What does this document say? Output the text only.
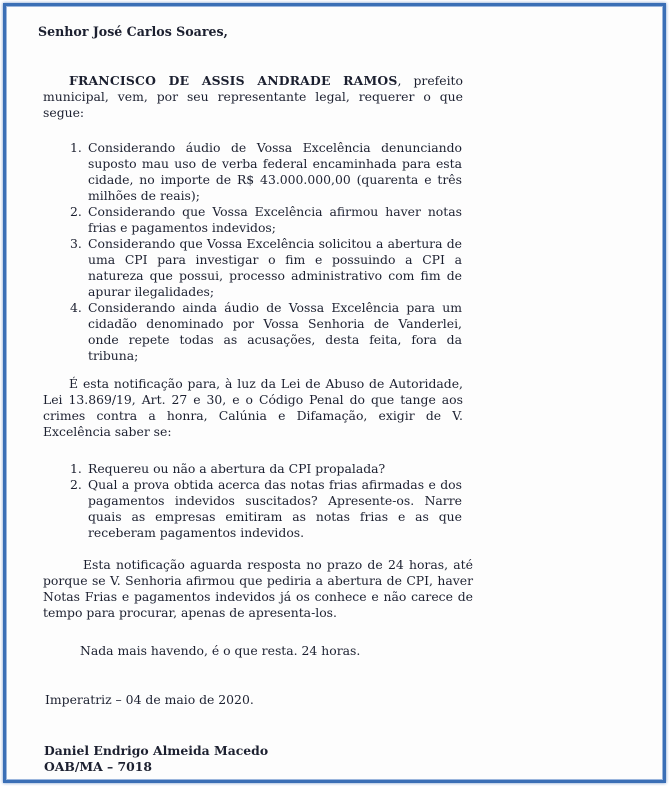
Senhor José Carlos Soares,

FRANCISCO DE ASSIS ANDRADE RAMOS, prefeito municipal, vem, por seu representante legal, requerer o que segue:

1. Considerando áudio de Vossa Excelência denunciando suposto mau uso de verba federal encaminhada para esta cidade, no importe de R$ 43.000.000,00 (quarenta e três milhões de reais);
2. Considerando que Vossa Excelência afirmou haver notas frias e pagamentos indevidos;
3. Considerando que Vossa Excelência solicitou a abertura de uma CPI para investigar o fim e possuindo a CPI a natureza que possui, processo administrativo com fim de apurar ilegalidades;
4. Considerando ainda áudio de Vossa Excelência para um cidadão denominado por Vossa Senhoria de Vanderlei, onde repete todas as acusações, desta feita, fora da tribuna;

É esta notificação para, à luz da Lei de Abuso de Autoridade, Lei 13.869/19, Art. 27 e 30, e o Código Penal do que tange aos crimes contra a honra, Calúnia e Difamação, exigir de V. Excelência saber se:

1. Requereu ou não a abertura da CPI propalada?
2. Qual a prova obtida acerca das notas frias afirmadas e dos pagamentos indevidos suscitados? Apresente-os. Narre quais as empresas emitiram as notas frias e as que receberam pagamentos indevidos.

Esta notificação aguarda resposta no prazo de 24 horas, até porque se V. Senhoria afirmou que pediria a abertura de CPI, haver Notas Frias e pagamentos indevidos já os conhece e não carece de tempo para procurar, apenas de apresenta-los.

Nada mais havendo, é o que resta. 24 horas.

Imperatriz – 04 de maio de 2020.

Daniel Endrigo Almeida Macedo

OAB/MA – 7018
